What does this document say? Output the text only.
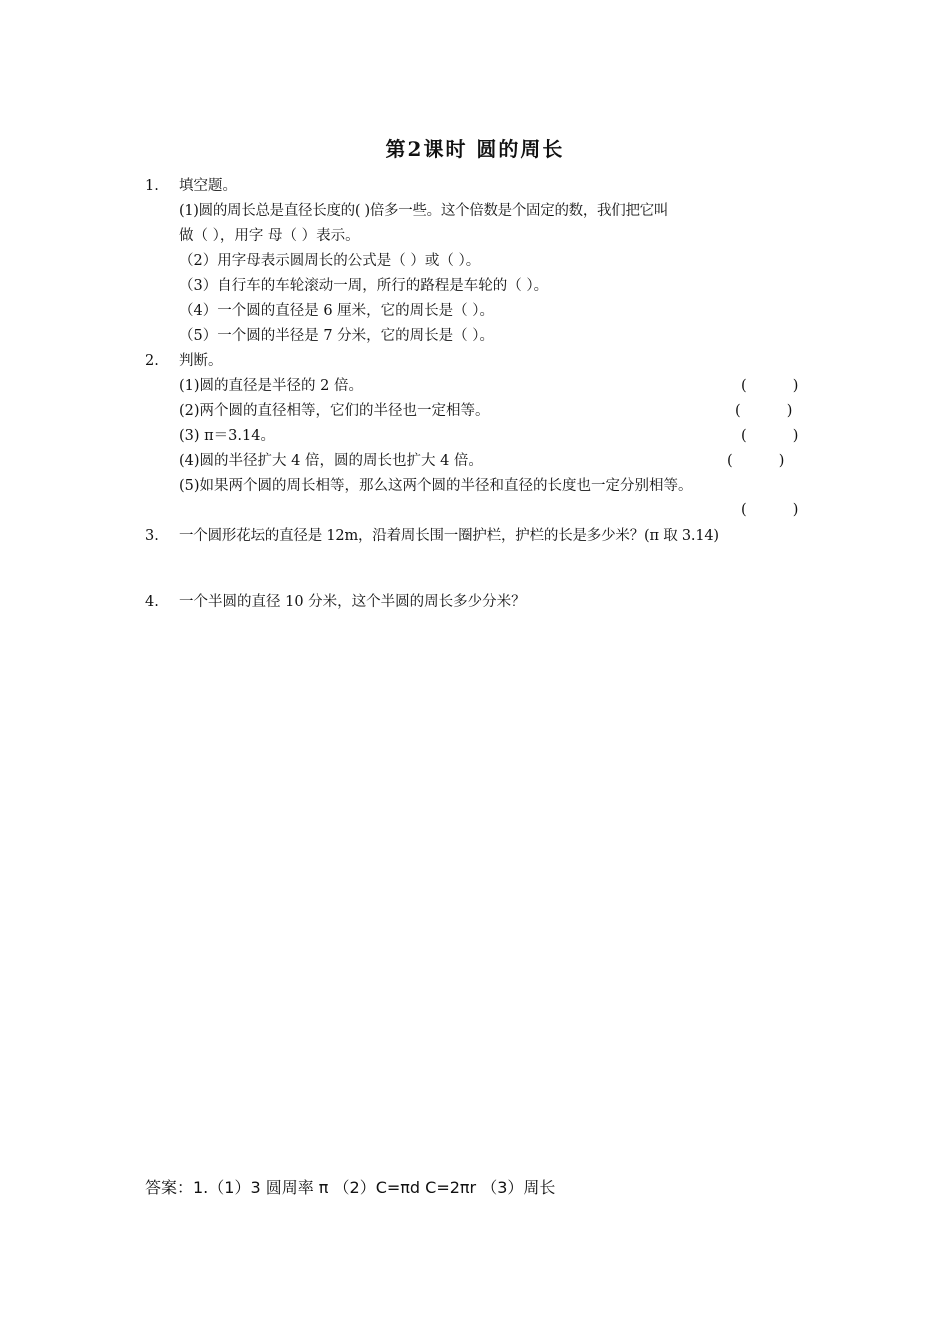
第2课时 圆的周长
1. 填空题。
(1)圆的周长总是直径长度的( )倍多一些。这个倍数是个固定的数，我们把它叫
做（ ），用字 母（ ）表示。
（2）用字母表示圆周长的公式是（ ）或（ ）。
（3）自行车的车轮滚动一周，所行的路程是车轮的（ ）。
（4）一个圆的直径是 6 厘米，它的周长是（ ）。
（5）一个圆的半径是 7 分米，它的周长是（ ）。
2. 判断。
(1)圆的直径是半径的 2 倍。	(          )
(2)两个圆的直径相等，它们的半径也一定相等。	(          )
(3) π＝3.14。	(          )
(4)圆的半径扩大 4 倍，圆的周长也扩大 4 倍。	(          )
(5)如果两个圆的周长相等，那么这两个圆的半径和直径的长度也一定分别相等。
(          )
3. 一个圆形花坛的直径是 12m，沿着周长围一圈护栏，护栏的长是多少米？(π 取 3.14)
4. 一个半圆的直径 10 分米，这个半圆的周长多少分米？
答案：1.（1）3 圆周率 π （2）C=πd C=2πr （3）周长
